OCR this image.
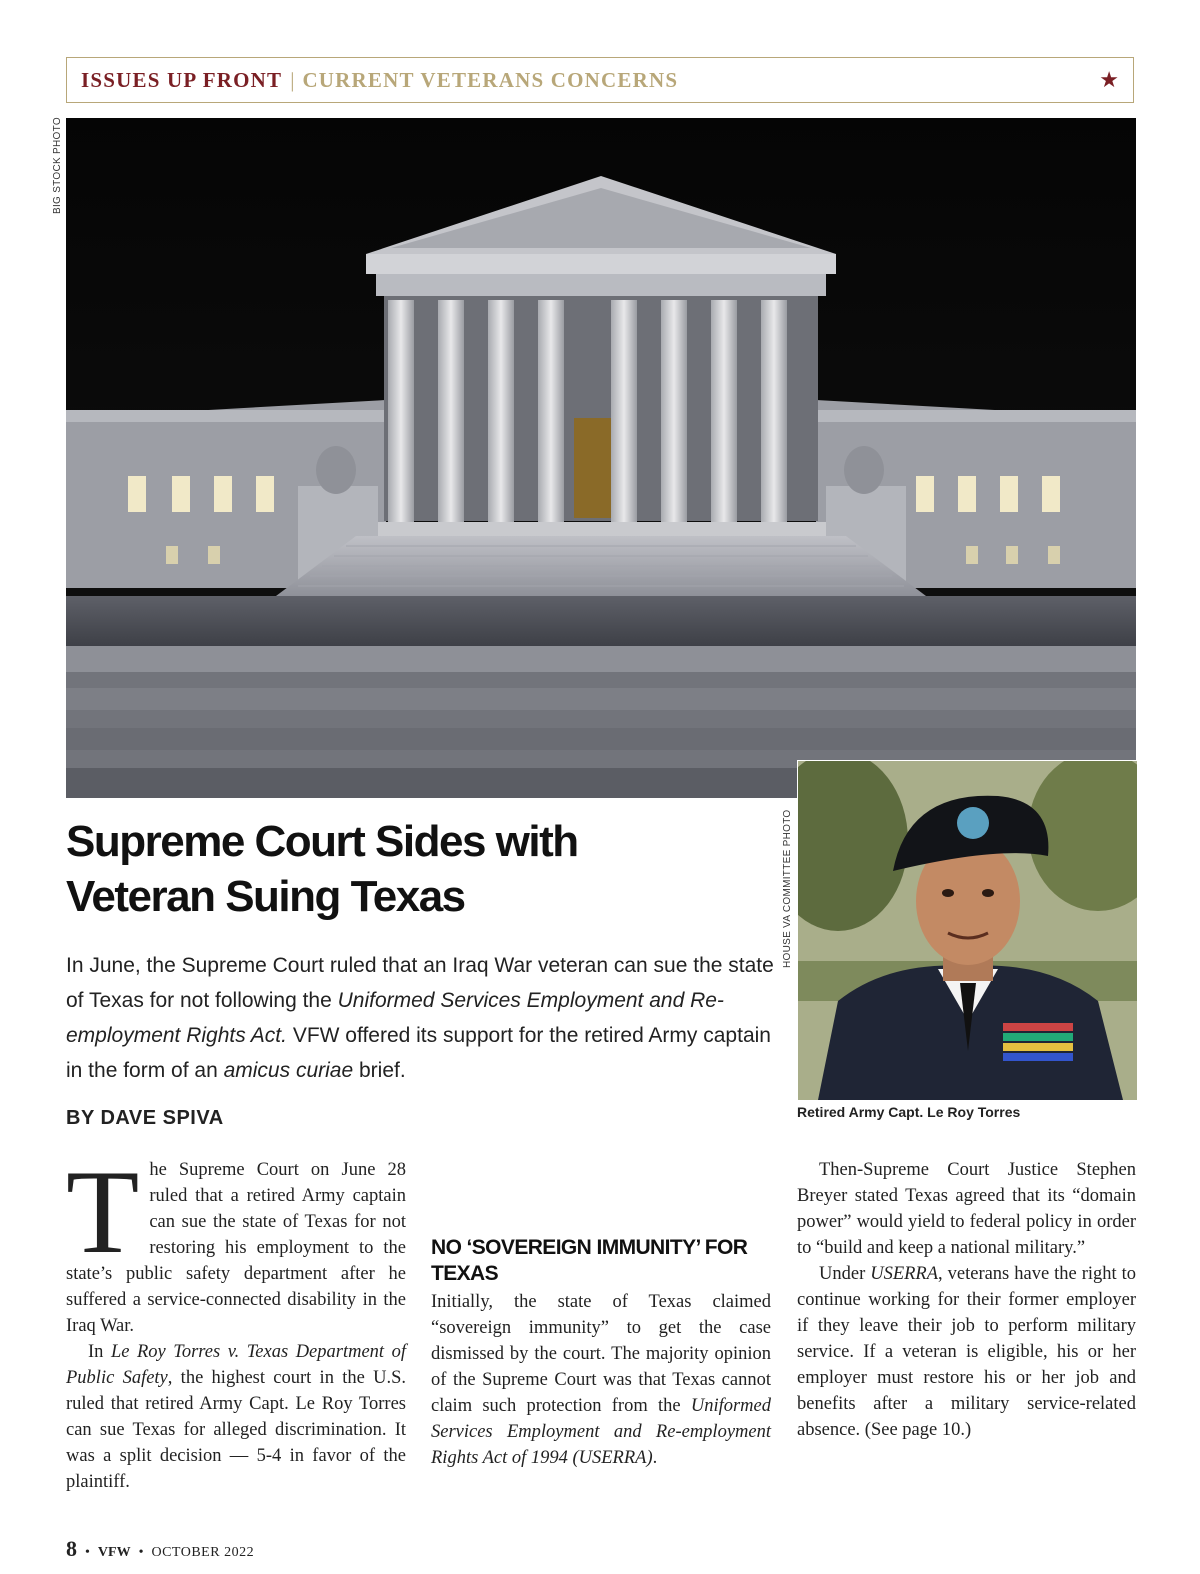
ISSUES UP FRONT | CURRENT VETERANS CONCERNS	★
BIG STOCK PHOTO
HOUSE VA COMMITTEE PHOTO
Retired Army Capt. Le Roy Torres
Supreme Court Sides with
Veteran Suing Texas

In June, the Supreme Court ruled that an Iraq War veteran can sue the state of Texas for not following the Uniformed Services Employment and Re-employment Rights Act. VFW offered its support for the retired Army captain in the form of an amicus curiae brief.

BY DAVE SPIVA

The Supreme Court on June 28 ruled that a retired Army captain can sue the state of Texas for not restoring his employment to the state’s public safety department after he suffered a service-connected disability in the Iraq War.

In Le Roy Torres v. Texas Department of Public Safety, the highest court in the U.S. ruled that retired Army Capt. Le Roy Torres can sue Texas for alleged discrimination. It was a split decision — 5-4 in favor of the plaintiff.

NO ‘SOVEREIGN IMMUNITY’ FOR TEXAS

Initially, the state of Texas claimed “sovereign immunity” to get the case dismissed by the court. The majority opinion of the Supreme Court was that Texas cannot claim such protection from the Uniformed Services Employment and Re-employment Rights Act of 1994 (USERRA).

Then-Supreme Court Justice Stephen Breyer stated Texas agreed that its “domain power” would yield to federal policy in order to “build and keep a national military.”

Under USERRA, veterans have the right to continue working for their former employer if they leave their job to perform military service. If a veteran is eligible, his or her employer must restore his or her job and benefits after a military service-related absence. (See page 10.)

8 • VFW • OCTOBER 2022
